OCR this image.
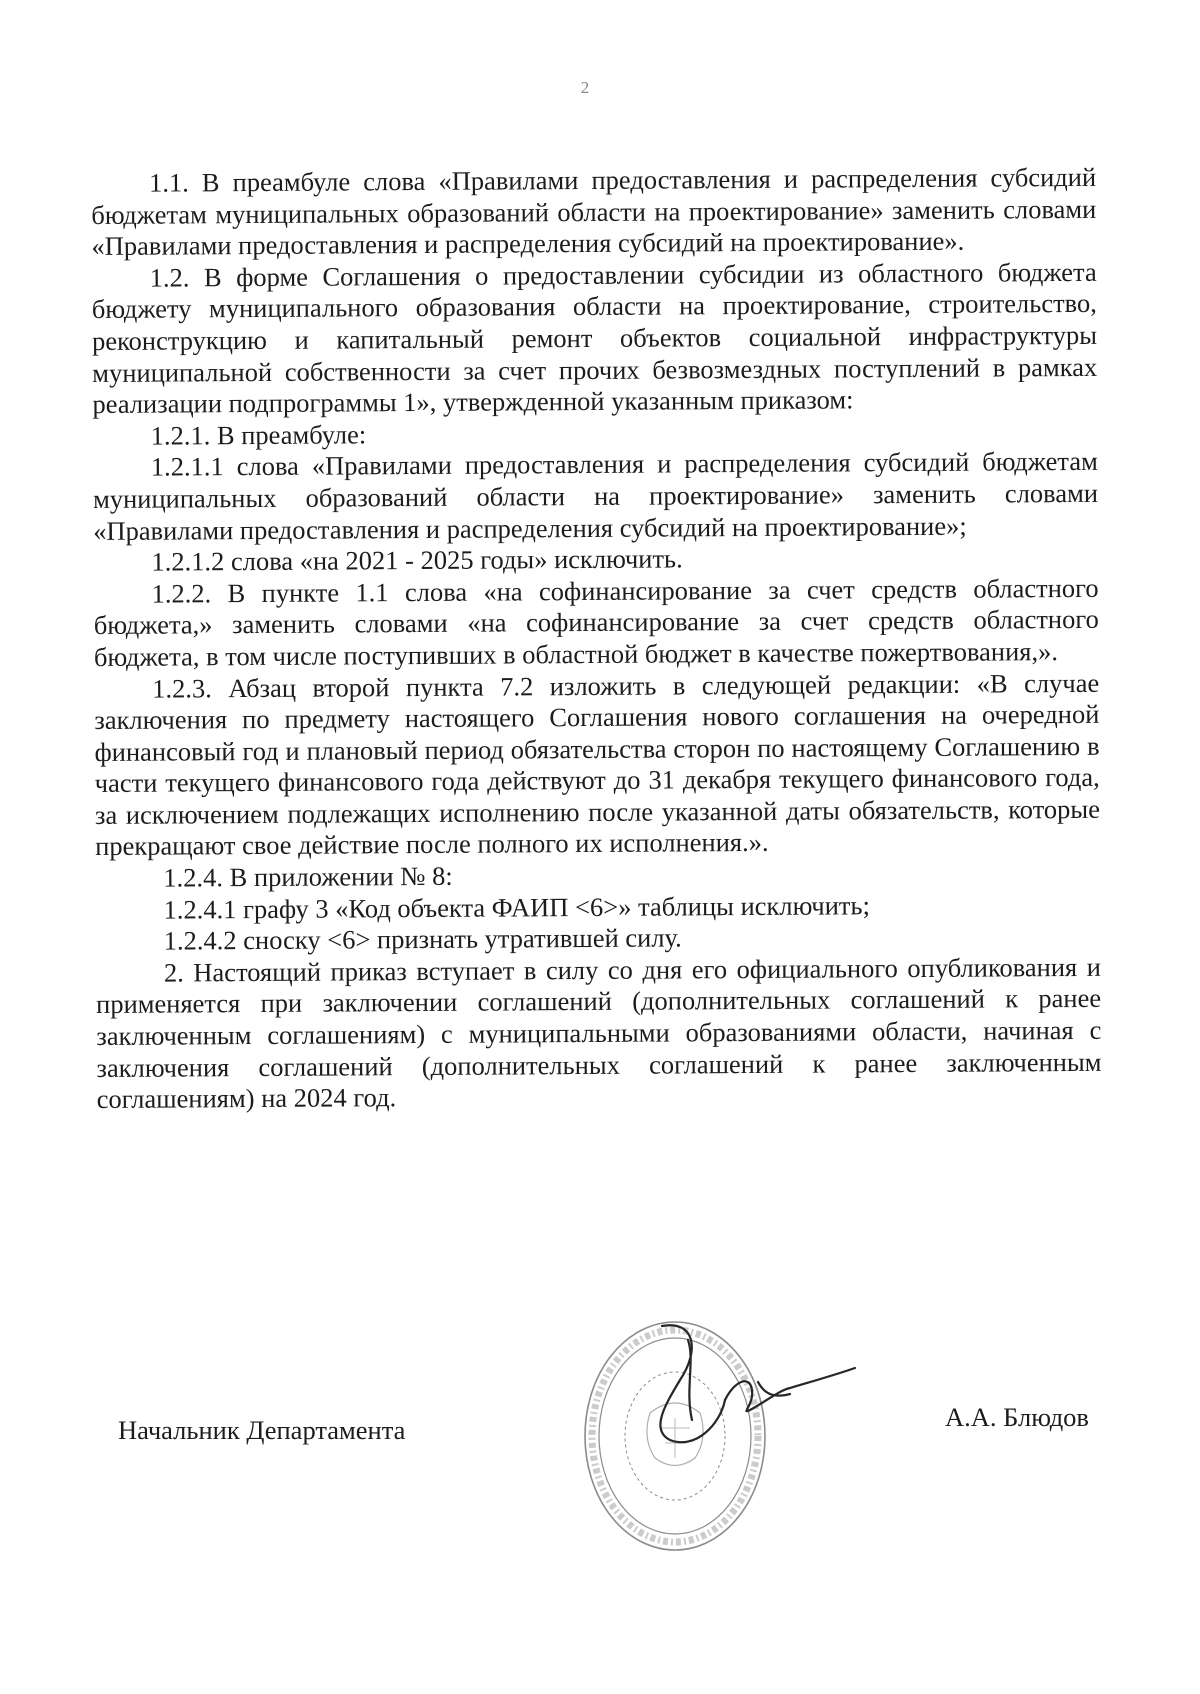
2

1.1. В преамбуле слова «Правилами предоставления и распределения субсидий бюджетам муниципальных образований области на проектирование» заменить словами «Правилами предоставления и распределения субсидий на проектирование».

1.2. В форме Соглашения о предоставлении субсидии из областного бюджета бюджету муниципального образования области на проектирование, строительство, реконструкцию и капитальный ремонт объектов социальной инфраструктуры муниципальной собственности за счет прочих безвозмездных поступлений в рамках реализации подпрограммы 1», утвержденной указанным приказом:

1.2.1. В преамбуле:

1.2.1.1 слова «Правилами предоставления и распределения субсидий бюджетам муниципальных образований области на проектирование» заменить словами «Правилами предоставления и распределения субсидий на проектирование»;

1.2.1.2 слова «на 2021 - 2025 годы» исключить.

1.2.2. В пункте 1.1 слова «на софинансирование за счет средств областного бюджета,» заменить словами «на софинансирование за счет средств областного бюджета, в том числе поступивших в областной бюджет в качестве пожертвования,».

1.2.3. Абзац второй пункта 7.2 изложить в следующей редакции: «В случае заключения по предмету настоящего Соглашения нового соглашения на очередной финансовый год и плановый период обязательства сторон по настоящему Соглашению в части текущего финансового года действуют до 31 декабря текущего финансового года, за исключением подлежащих исполнению после указанной даты обязательств, которые прекращают свое действие после полного их исполнения.».

1.2.4. В приложении № 8:

1.2.4.1 графу 3 «Код объекта ФАИП <6>» таблицы исключить;

1.2.4.2 сноску <6> признать утратившей силу.

2. Настоящий приказ вступает в силу со дня его официального опубликования и применяется при заключении соглашений (дополнительных соглашений к ранее заключенным соглашениям) с муниципальными образованиями области, начиная с заключения соглашений (дополнительных соглашений к ранее заключенным соглашениям) на 2024 год.

Начальник Департамента	А.А. Блюдов
